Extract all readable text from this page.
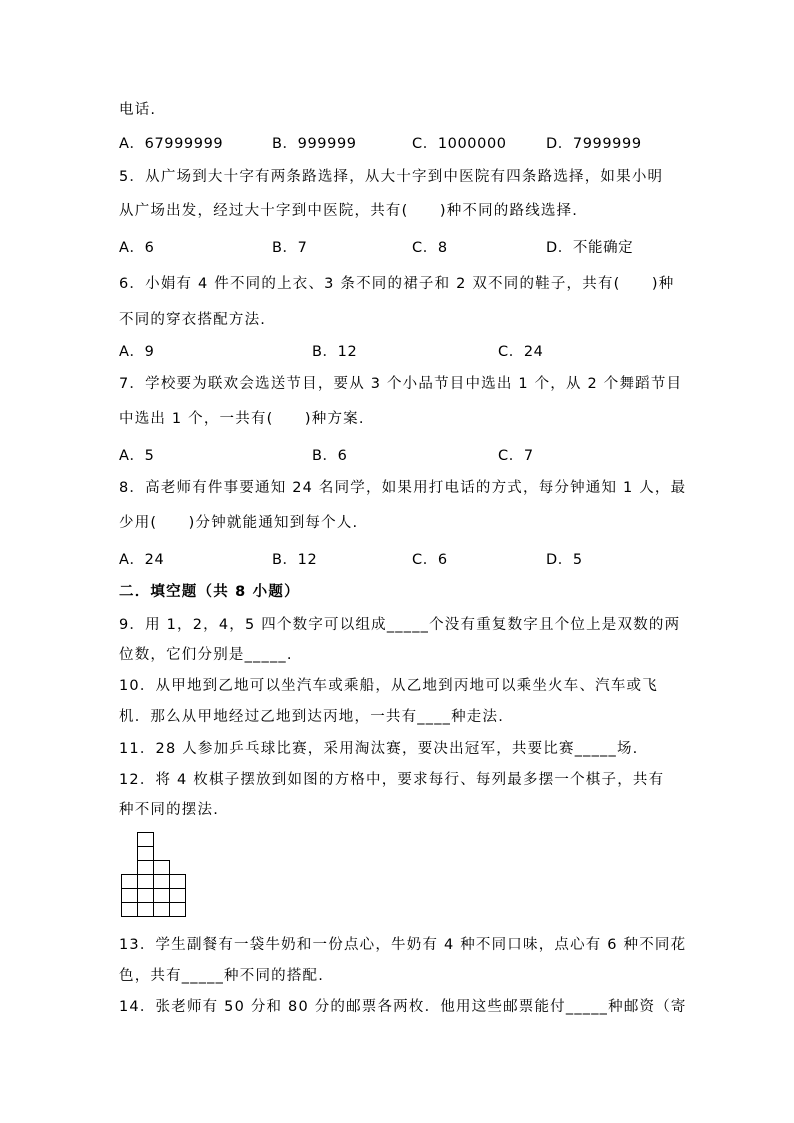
电话.
A．67999999	B．999999	C．1000000	D．7999999
5．从广场到大十字有两条路选择，从大十字到中医院有四条路选择，如果小明
从广场出发，经过大十字到中医院，共有(　　)种不同的路线选择.
A．6	B．7	C．8	D．不能确定
6．小娟有 4 件不同的上衣、3 条不同的裙子和 2 双不同的鞋子，共有(　　)种
不同的穿衣搭配方法.
A．9	B．12	C．24
7．学校要为联欢会选送节目，要从 3 个小品节目中选出 1 个，从 2 个舞蹈节目
中选出 1 个，一共有(　　)种方案.
A．5	B．6	C．7
8．高老师有件事要通知 24 名同学，如果用打电话的方式，每分钟通知 1 人，最
少用(　　)分钟就能通知到每个人.
A．24	B．12	C．6	D．5
二．填空题（共 8 小题）
9．用 1，2，4，5 四个数字可以组成_____个没有重复数字且个位上是双数的两
位数，它们分别是_____.
10．从甲地到乙地可以坐汽车或乘船，从乙地到丙地可以乘坐火车、汽车或飞
机．那么从甲地经过乙地到达丙地，一共有____种走法.
11．28 人参加乒乓球比赛，采用淘汰赛，要决出冠军，共要比赛_____场.
12．将 4 枚棋子摆放到如图的方格中，要求每行、每列最多摆一个棋子，共有
种不同的摆法.
13．学生副餐有一袋牛奶和一份点心，牛奶有 4 种不同口味，点心有 6 种不同花
色，共有_____种不同的搭配.
14．张老师有 50 分和 80 分的邮票各两枚．他用这些邮票能付_____种邮资（寄
